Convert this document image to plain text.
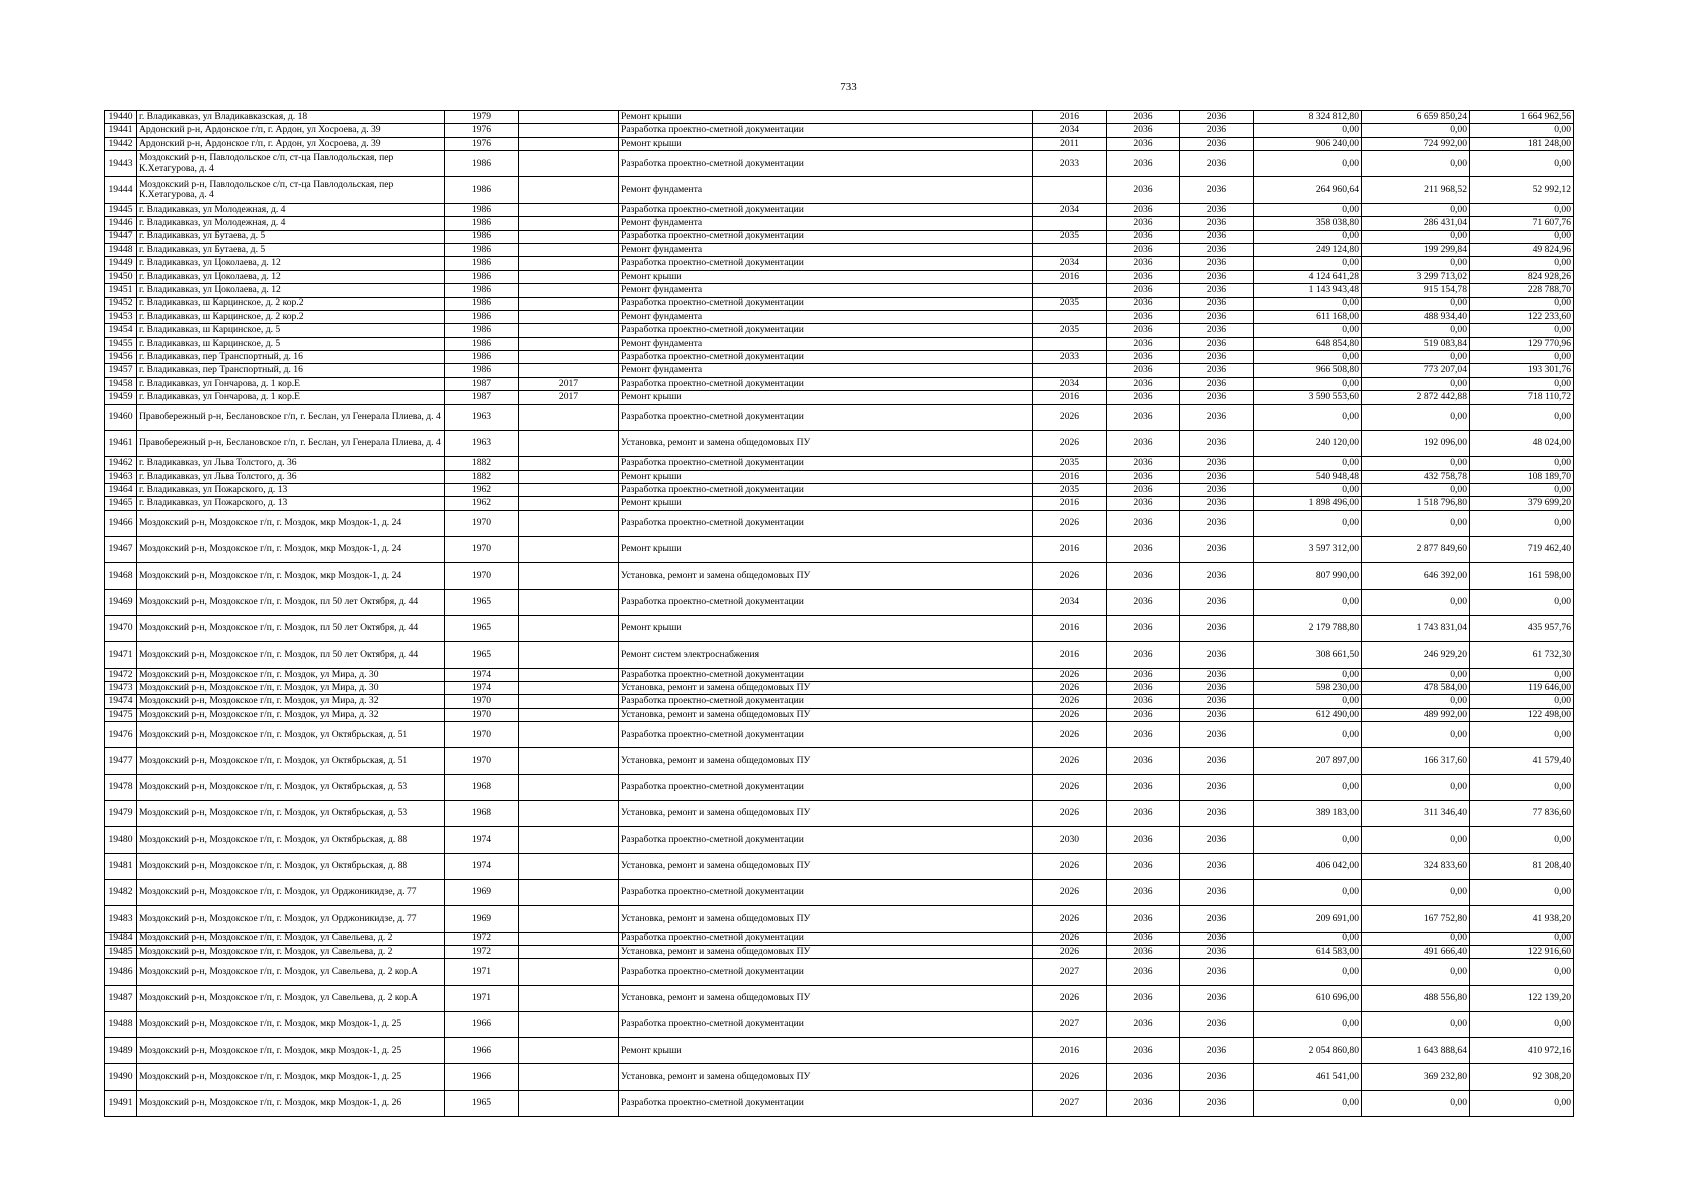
733
19440	г. Владикавказ, ул Владикавказская, д. 18	1979		Ремонт крыши	2016	2036	2036	8 324 812,80	6 659 850,24	1 664 962,56
19441	Ардонский р-н, Ардонское г/п, г. Ардон, ул Хосроева, д. 39	1976		Разработка проектно-сметной документации	2034	2036	2036	0,00	0,00	0,00
19442	Ардонский р-н, Ардонское г/п, г. Ардон, ул Хосроева, д. 39	1976		Ремонт крыши	2011	2036	2036	906 240,00	724 992,00	181 248,00
19443	Моздокский р-н, Павлодольское с/п, ст-ца Павлодольская, пер К.Хетагурова, д. 4	1986		Разработка проектно-сметной документации	2033	2036	2036	0,00	0,00	0,00
19444	Моздокский р-н, Павлодольское с/п, ст-ца Павлодольская, пер К.Хетагурова, д. 4	1986		Ремонт фундамента		2036	2036	264 960,64	211 968,52	52 992,12
19445	г. Владикавказ, ул Молодежная, д. 4	1986		Разработка проектно-сметной документации	2034	2036	2036	0,00	0,00	0,00
19446	г. Владикавказ, ул Молодежная, д. 4	1986		Ремонт фундамента		2036	2036	358 038,80	286 431,04	71 607,76
19447	г. Владикавказ, ул Бутаева, д. 5	1986		Разработка проектно-сметной документации	2035	2036	2036	0,00	0,00	0,00
19448	г. Владикавказ, ул Бутаева, д. 5	1986		Ремонт фундамента		2036	2036	249 124,80	199 299,84	49 824,96
19449	г. Владикавказ, ул Цоколаева, д. 12	1986		Разработка проектно-сметной документации	2034	2036	2036	0,00	0,00	0,00
19450	г. Владикавказ, ул Цоколаева, д. 12	1986		Ремонт крыши	2016	2036	2036	4 124 641,28	3 299 713,02	824 928,26
19451	г. Владикавказ, ул Цоколаева, д. 12	1986		Ремонт фундамента		2036	2036	1 143 943,48	915 154,78	228 788,70
19452	г. Владикавказ, ш Карцинское, д. 2 кор.2	1986		Разработка проектно-сметной документации	2035	2036	2036	0,00	0,00	0,00
19453	г. Владикавказ, ш Карцинское, д. 2 кор.2	1986		Ремонт фундамента		2036	2036	611 168,00	488 934,40	122 233,60
19454	г. Владикавказ, ш Карцинское, д. 5	1986		Разработка проектно-сметной документации	2035	2036	2036	0,00	0,00	0,00
19455	г. Владикавказ, ш Карцинское, д. 5	1986		Ремонт фундамента		2036	2036	648 854,80	519 083,84	129 770,96
19456	г. Владикавказ, пер Транспортный, д. 16	1986		Разработка проектно-сметной документации	2033	2036	2036	0,00	0,00	0,00
19457	г. Владикавказ, пер Транспортный, д. 16	1986		Ремонт фундамента		2036	2036	966 508,80	773 207,04	193 301,76
19458	г. Владикавказ, ул Гончарова, д. 1 кор.Е	1987	2017	Разработка проектно-сметной документации	2034	2036	2036	0,00	0,00	0,00
19459	г. Владикавказ, ул Гончарова, д. 1 кор.Е	1987	2017	Ремонт крыши	2016	2036	2036	3 590 553,60	2 872 442,88	718 110,72
19460	Правобережный р-н, Беслановское г/п, г. Беслан, ул Генерала Плиева, д. 4	1963		Разработка проектно-сметной документации	2026	2036	2036	0,00	0,00	0,00
19461	Правобережный р-н, Беслановское г/п, г. Беслан, ул Генерала Плиева, д. 4	1963		Установка, ремонт и замена общедомовых ПУ	2026	2036	2036	240 120,00	192 096,00	48 024,00
19462	г. Владикавказ, ул Льва Толстого, д. 36	1882		Разработка проектно-сметной документации	2035	2036	2036	0,00	0,00	0,00
19463	г. Владикавказ, ул Льва Толстого, д. 36	1882		Ремонт крыши	2016	2036	2036	540 948,48	432 758,78	108 189,70
19464	г. Владикавказ, ул Пожарского, д. 13	1962		Разработка проектно-сметной документации	2035	2036	2036	0,00	0,00	0,00
19465	г. Владикавказ, ул Пожарского, д. 13	1962		Ремонт крыши	2016	2036	2036	1 898 496,00	1 518 796,80	379 699,20
19466	Моздокский р-н, Моздокское г/п, г. Моздок, мкр Моздок-1, д. 24	1970		Разработка проектно-сметной документации	2026	2036	2036	0,00	0,00	0,00
19467	Моздокский р-н, Моздокское г/п, г. Моздок, мкр Моздок-1, д. 24	1970		Ремонт крыши	2016	2036	2036	3 597 312,00	2 877 849,60	719 462,40
19468	Моздокский р-н, Моздокское г/п, г. Моздок, мкр Моздок-1, д. 24	1970		Установка, ремонт и замена общедомовых ПУ	2026	2036	2036	807 990,00	646 392,00	161 598,00
19469	Моздокский р-н, Моздокское г/п, г. Моздок, пл 50 лет Октября, д. 44	1965		Разработка проектно-сметной документации	2034	2036	2036	0,00	0,00	0,00
19470	Моздокский р-н, Моздокское г/п, г. Моздок, пл 50 лет Октября, д. 44	1965		Ремонт крыши	2016	2036	2036	2 179 788,80	1 743 831,04	435 957,76
19471	Моздокский р-н, Моздокское г/п, г. Моздок, пл 50 лет Октября, д. 44	1965		Ремонт систем электроснабжения	2016	2036	2036	308 661,50	246 929,20	61 732,30
19472	Моздокский р-н, Моздокское г/п, г. Моздок, ул Мира, д. 30	1974		Разработка проектно-сметной документации	2026	2036	2036	0,00	0,00	0,00
19473	Моздокский р-н, Моздокское г/п, г. Моздок, ул Мира, д. 30	1974		Установка, ремонт и замена общедомовых ПУ	2026	2036	2036	598 230,00	478 584,00	119 646,00
19474	Моздокский р-н, Моздокское г/п, г. Моздок, ул Мира, д. 32	1970		Разработка проектно-сметной документации	2026	2036	2036	0,00	0,00	0,00
19475	Моздокский р-н, Моздокское г/п, г. Моздок, ул Мира, д. 32	1970		Установка, ремонт и замена общедомовых ПУ	2026	2036	2036	612 490,00	489 992,00	122 498,00
19476	Моздокский р-н, Моздокское г/п, г. Моздок, ул Октябрьская, д. 51	1970		Разработка проектно-сметной документации	2026	2036	2036	0,00	0,00	0,00
19477	Моздокский р-н, Моздокское г/п, г. Моздок, ул Октябрьская, д. 51	1970		Установка, ремонт и замена общедомовых ПУ	2026	2036	2036	207 897,00	166 317,60	41 579,40
19478	Моздокский р-н, Моздокское г/п, г. Моздок, ул Октябрьская, д. 53	1968		Разработка проектно-сметной документации	2026	2036	2036	0,00	0,00	0,00
19479	Моздокский р-н, Моздокское г/п, г. Моздок, ул Октябрьская, д. 53	1968		Установка, ремонт и замена общедомовых ПУ	2026	2036	2036	389 183,00	311 346,40	77 836,60
19480	Моздокский р-н, Моздокское г/п, г. Моздок, ул Октябрьская, д. 88	1974		Разработка проектно-сметной документации	2030	2036	2036	0,00	0,00	0,00
19481	Моздокский р-н, Моздокское г/п, г. Моздок, ул Октябрьская, д. 88	1974		Установка, ремонт и замена общедомовых ПУ	2026	2036	2036	406 042,00	324 833,60	81 208,40
19482	Моздокский р-н, Моздокское г/п, г. Моздок, ул Орджоникидзе, д. 77	1969		Разработка проектно-сметной документации	2026	2036	2036	0,00	0,00	0,00
19483	Моздокский р-н, Моздокское г/п, г. Моздок, ул Орджоникидзе, д. 77	1969		Установка, ремонт и замена общедомовых ПУ	2026	2036	2036	209 691,00	167 752,80	41 938,20
19484	Моздокский р-н, Моздокское г/п, г. Моздок, ул Савельева, д. 2	1972		Разработка проектно-сметной документации	2026	2036	2036	0,00	0,00	0,00
19485	Моздокский р-н, Моздокское г/п, г. Моздок, ул Савельева, д. 2	1972		Установка, ремонт и замена общедомовых ПУ	2026	2036	2036	614 583,00	491 666,40	122 916,60
19486	Моздокский р-н, Моздокское г/п, г. Моздок, ул Савельева, д. 2 кор.А	1971		Разработка проектно-сметной документации	2027	2036	2036	0,00	0,00	0,00
19487	Моздокский р-н, Моздокское г/п, г. Моздок, ул Савельева, д. 2 кор.А	1971		Установка, ремонт и замена общедомовых ПУ	2026	2036	2036	610 696,00	488 556,80	122 139,20
19488	Моздокский р-н, Моздокское г/п, г. Моздок, мкр Моздок-1, д. 25	1966		Разработка проектно-сметной документации	2027	2036	2036	0,00	0,00	0,00
19489	Моздокский р-н, Моздокское г/п, г. Моздок, мкр Моздок-1, д. 25	1966		Ремонт крыши	2016	2036	2036	2 054 860,80	1 643 888,64	410 972,16
19490	Моздокский р-н, Моздокское г/п, г. Моздок, мкр Моздок-1, д. 25	1966		Установка, ремонт и замена общедомовых ПУ	2026	2036	2036	461 541,00	369 232,80	92 308,20
19491	Моздокский р-н, Моздокское г/п, г. Моздок, мкр Моздок-1, д. 26	1965		Разработка проектно-сметной документации	2027	2036	2036	0,00	0,00	0,00
